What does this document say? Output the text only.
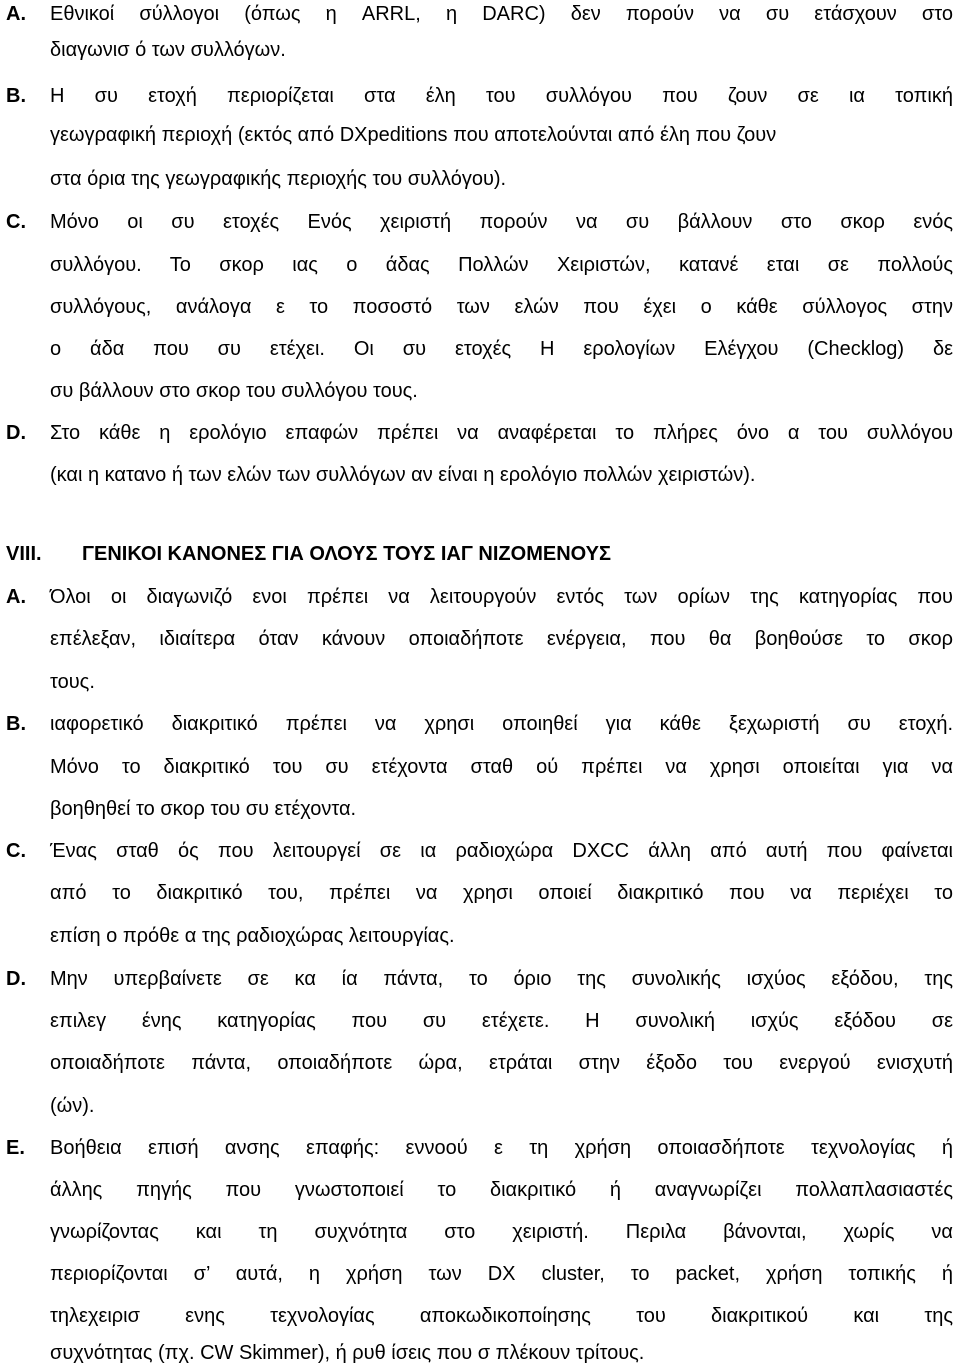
A. Εθνικοί σύλλογοι (όπως η ARRL, η DARC) δεν πορούν να συ ετάσχουν στο
διαγωνισ ό των συλλόγων.
B. Η συ ετοχή περιορίζεται στα έλη του συλλόγου που ζουν σε ια τοπική
γεωγραφική περιοχή (εκτός από DXpeditions που αποτελούνται από έλη που ζουν
στα όρια της γεωγραφικής περιοχής του συλλόγου).
C. Μόνο οι συ ετοχές Ενός χειριστή πορούν να συ βάλλουν στο σκορ ενός
συλλόγου. Το σκορ ιας ο άδας Πολλών Χειριστών, κατανέ εται σε πολλούς
συλλόγους, ανάλογα ε το ποσοστό των ελών που έχει ο κάθε σύλλογος στην
ο άδα που συ ετέχει. Οι συ ετοχές Η ερολογίων Ελέγχου (Checklog) δε
συ βάλλουν στο σκορ του συλλόγου τους.
D. Στο κάθε η ερολόγιο επαφών πρέπει να αναφέρεται το πλήρες όνο α του συλλόγου
(και η κατανο ή των ελών των συλλόγων αν είναι η ερολόγιο πολλών χειριστών).
VIII. ΓΕΝΙΚΟΙ ΚΑΝΟΝΕΣ ΓΙΑ ΟΛΟΥΣ ΤΟΥΣ ΙΑΓ ΝΙΖΟΜΕΝΟΥΣ
A. Όλοι οι διαγωνιζό ενοι πρέπει να λειτουργούν εντός των ορίων της κατηγορίας που
επέλεξαν, ιδιαίτερα όταν κάνουν οποιαδήποτε ενέργεια, που θα βοηθούσε το σκορ
τους.
B. ιαφορετικό διακριτικό πρέπει να χρησι οποιηθεί για κάθε ξεχωριστή συ ετοχή.
Μόνο το διακριτικό του συ ετέχοντα σταθ ού πρέπει να χρησι οποιείται για να
βοηθηθεί το σκορ του συ ετέχοντα.
C. Ένας σταθ ός που λειτουργεί σε ια ραδιοχώρα DXCC άλλη από αυτή που φαίνεται
από το διακριτικό του, πρέπει να χρησι οποιεί διακριτικό που να περιέχει το
επίση ο πρόθε α της ραδιοχώρας λειτουργίας.
D. Μην υπερβαίνετε σε κα ία πάντα, το όριο της συνολικής ισχύος εξόδου, της
επιλεγ ένης κατηγορίας που συ ετέχετε. Η συνολική ισχύς εξόδου σε
οποιαδήποτε πάντα, οποιαδήποτε ώρα, ετράται στην έξοδο του ενεργού ενισχυτή
(ών).
E. Βοήθεια επισή ανσης επαφής: εννοού ε τη χρήση οποιασδήποτε τεχνολογίας ή
άλλης πηγής που γνωστοποιεί το διακριτικό ή αναγνωρίζει πολλαπλασιαστές
γνωρίζοντας και τη συχνότητα στο χειριστή. Περιλα βάνονται, χωρίς να
περιορίζονται σ’ αυτά, η χρήση των DX cluster, το packet, χρήση τοπικής ή
τηλεχειρισ ενης τεχνολογίας αποκωδικοποίησης του διακριτικού και της
συχνότητας (πχ. CW Skimmer), ή ρυθ ίσεις που σ πλέκουν τρίτους.
